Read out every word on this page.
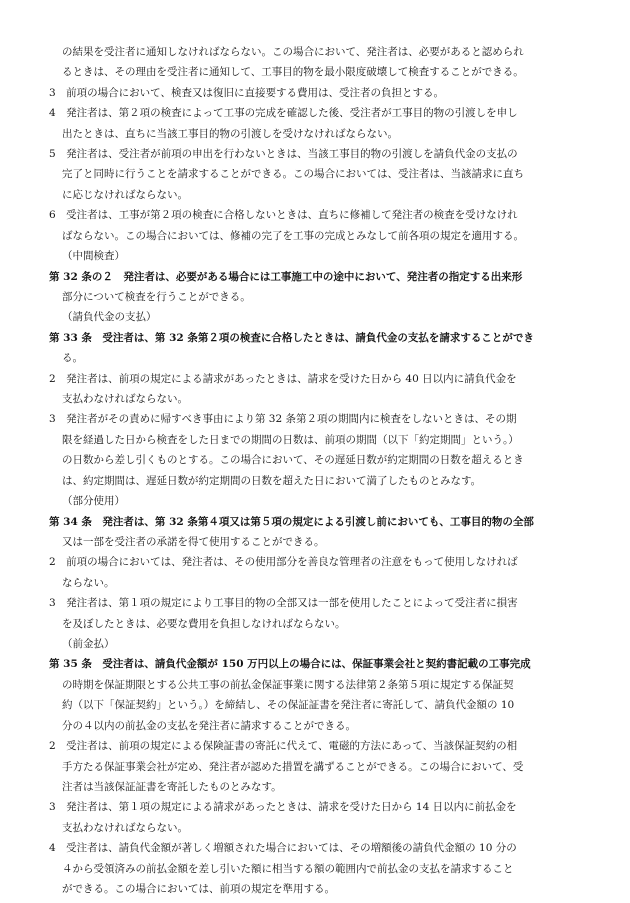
の結果を受注者に通知しなければならない。この場合において、発注者は、必要があると認められ
るときは、その理由を受注者に通知して、工事目的物を最小限度破壊して検査することができる。
3　前項の場合において、検査又は復旧に直接要する費用は、受注者の負担とする。
4　発注者は、第２項の検査によって工事の完成を確認した後、受注者が工事目的物の引渡しを申し
出たときは、直ちに当該工事目的物の引渡しを受けなければならない。
5　発注者は、受注者が前項の申出を行わないときは、当該工事目的物の引渡しを請負代金の支払の
完了と同時に行うことを請求することができる。この場合においては、受注者は、当該請求に直ち
に応じなければならない。
6　受注者は、工事が第２項の検査に合格しないときは、直ちに修補して発注者の検査を受けなけれ
ばならない。この場合においては、修補の完了を工事の完成とみなして前各項の規定を適用する。
（中間検査）
第 32 条の２　発注者は、必要がある場合には工事施工中の途中において、発注者の指定する出来形
部分について検査を行うことができる。
（請負代金の支払）
第 33 条　受注者は、第 32 条第２項の検査に合格したときは、請負代金の支払を請求することができ
る。
2　発注者は、前項の規定による請求があったときは、請求を受けた日から 40 日以内に請負代金を
支払わなければならない。
3　発注者がその責めに帰すべき事由により第 32 条第２項の期間内に検査をしないときは、その期
限を経過した日から検査をした日までの期間の日数は、前項の期間（以下「約定期間」という。）
の日数から差し引くものとする。この場合において、その遅延日数が約定期間の日数を超えるとき
は、約定期間は、遅延日数が約定期間の日数を超えた日において満了したものとみなす。
（部分使用）
第 34 条　発注者は、第 32 条第４項又は第５項の規定による引渡し前においても、工事目的物の全部
又は一部を受注者の承諾を得て使用することができる。
2　前項の場合においては、発注者は、その使用部分を善良な管理者の注意をもって使用しなければ
ならない。
3　発注者は、第１項の規定により工事目的物の全部又は一部を使用したことによって受注者に損害
を及ぼしたときは、必要な費用を負担しなければならない。
（前金払）
第 35 条　受注者は、請負代金額が 150 万円以上の場合には、保証事業会社と契約書記載の工事完成
の時期を保証期限とする公共工事の前払金保証事業に関する法律第２条第５項に規定する保証契
約（以下「保証契約」という。）を締結し、その保証証書を発注者に寄託して、請負代金額の 10
分の４以内の前払金の支払を発注者に請求することができる。
2　受注者は、前項の規定による保険証書の寄託に代えて、電磁的方法にあって、当該保証契約の相
手方たる保証事業会社が定め、発注者が認めた措置を講ずることができる。この場合において、受
注者は当該保証証書を寄託したものとみなす。
3　発注者は、第１項の規定による請求があったときは、請求を受けた日から 14 日以内に前払金を
支払わなければならない。
4　受注者は、請負代金額が著しく増額された場合においては、その増額後の請負代金額の 10 分の
４から受領済みの前払金額を差し引いた額に相当する額の範囲内で前払金の支払を請求すること
ができる。この場合においては、前項の規定を準用する。
